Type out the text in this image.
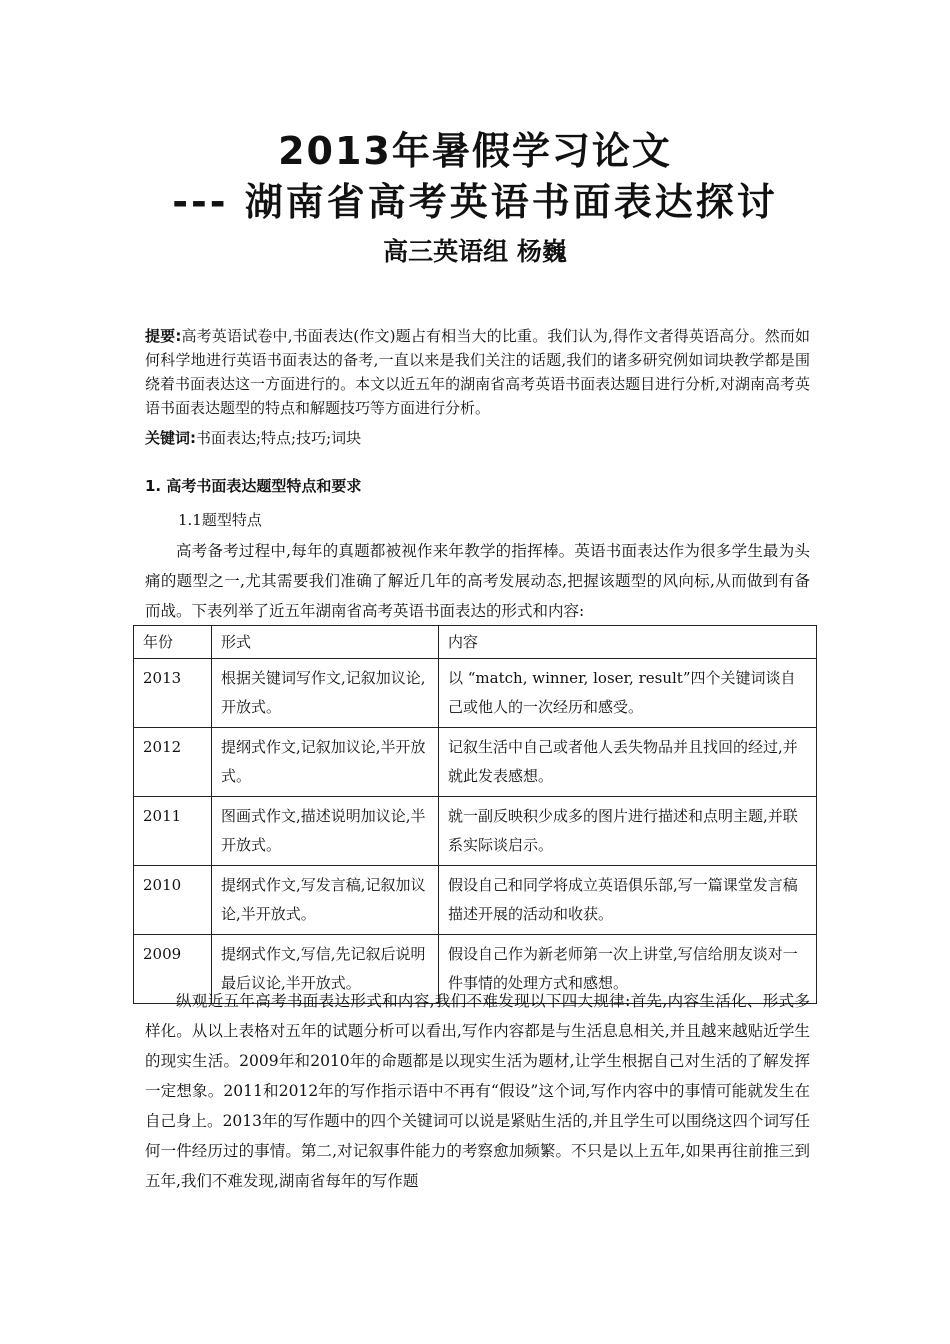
2013年暑假学习论文
--- 湖南省高考英语书面表达探讨
高三英语组 杨巍
提要:高考英语试卷中,书面表达(作文)题占有相当大的比重。我们认为,得作文者得英语高分。然而如何科学地进行英语书面表达的备考,一直以来是我们关注的话题,我们的诸多研究例如词块教学都是围绕着书面表达这一方面进行的。本文以近五年的湖南省高考英语书面表达题目进行分析,对湖南高考英语书面表达题型的特点和解题技巧等方面进行分析。
关键词:书面表达;特点;技巧;词块
1. 高考书面表达题型特点和要求
1.1题型特点
高考备考过程中,每年的真题都被视作来年教学的指挥棒。英语书面表达作为很多学生最为头痛的题型之一,尤其需要我们准确了解近几年的高考发展动态,把握该题型的风向标,从而做到有备而战。下表列举了近五年湖南省高考英语书面表达的形式和内容:
年份	形式	内容
2013	根据关键词写作文,记叙加议论,开放式。	以 “match, winner, loser, result”四个关键词谈自己或他人的一次经历和感受。
2012	提纲式作文,记叙加议论,半开放式。	记叙生活中自己或者他人丢失物品并且找回的经过,并就此发表感想。
2011	图画式作文,描述说明加议论,半开放式。	就一副反映积少成多的图片进行描述和点明主题,并联系实际谈启示。
2010	提纲式作文,写发言稿,记叙加议论,半开放式。	假设自己和同学将成立英语俱乐部,写一篇课堂发言稿描述开展的活动和收获。
2009	提纲式作文,写信,先记叙后说明最后议论,半开放式。	假设自己作为新老师第一次上讲堂,写信给朋友谈对一件事情的处理方式和感想。
纵观近五年高考书面表达形式和内容,我们不难发现以下四大规律:首先,内容生活化、形式多样化。从以上表格对五年的试题分析可以看出,写作内容都是与生活息息相关,并且越来越贴近学生的现实生活。2009年和2010年的命题都是以现实生活为题材,让学生根据自己对生活的了解发挥一定想象。2011和2012年的写作指示语中不再有“假设”这个词,写作内容中的事情可能就发生在自己身上。2013年的写作题中的四个关键词可以说是紧贴生活的,并且学生可以围绕这四个词写任何一件经历过的事情。第二,对记叙事件能力的考察愈加频繁。不只是以上五年,如果再往前推三到五年,我们不难发现,湖南省每年的写作题
